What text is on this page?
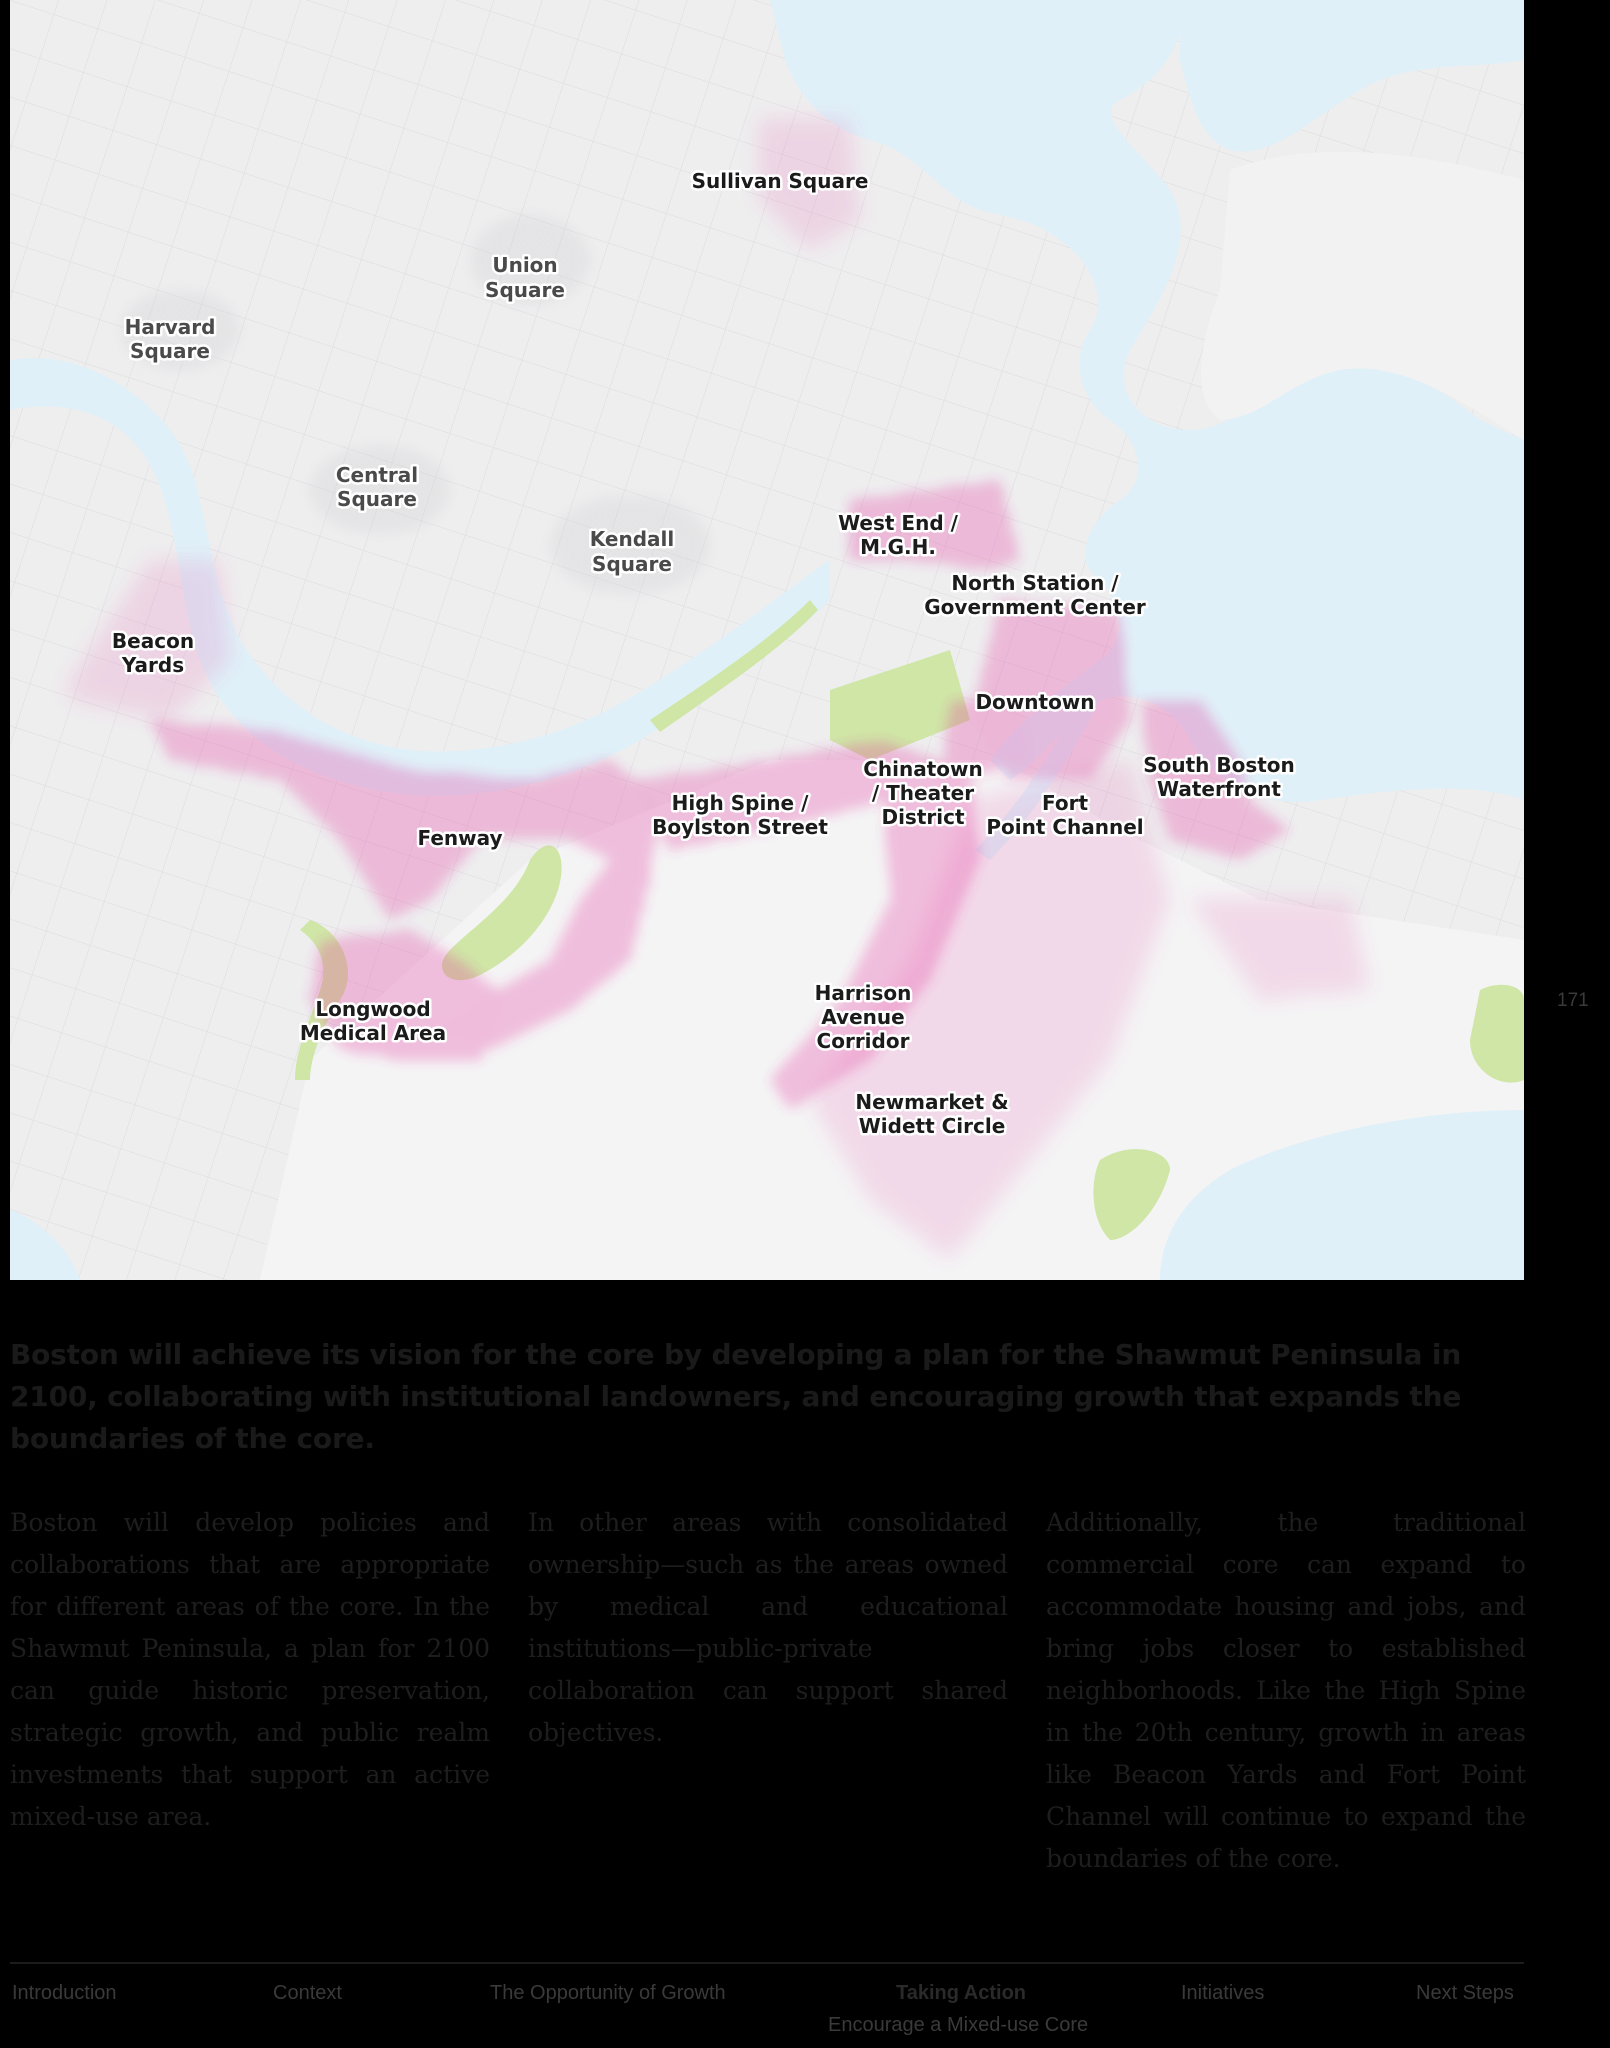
Sullivan Square
Union Square
Harvard Square
Central Square
Kendall Square
West End / M.G.H.
North Station / Government Center
Beacon Yards
Downtown
Chinatown / Theater District
South Boston Waterfront
High Spine / Boylston Street
Fort Point Channel
Fenway
Harrison Avenue Corridor
Longwood Medical Area
Newmarket & Widett Circle
171
Boston will achieve its vision for the core by developing a plan for the Shawmut Peninsula in 2100, collaborating with institutional landowners, and encouraging growth that expands the boundaries of the core.

Boston will develop policies and collaborations that are appropriate for different areas of the core. In the Shawmut Peninsula, a plan for 2100 can guide historic preservation, strategic growth, and public realm investments that support an active mixed-use area.

In other areas with consolidated ownership—such as the areas owned by medical and educational institutions—public-private collaboration can support shared objectives.

Additionally, the traditional commercial core can expand to accommodate housing and jobs, and bring jobs closer to established neighborhoods. Like the High Spine in the 20th century, growth in areas like Beacon Yards and Fort Point Channel will continue to expand the boundaries of the core.

Introduction	Context	The Opportunity of Growth	Taking Action	Initiatives	Next Steps
Encourage a Mixed-use Core
